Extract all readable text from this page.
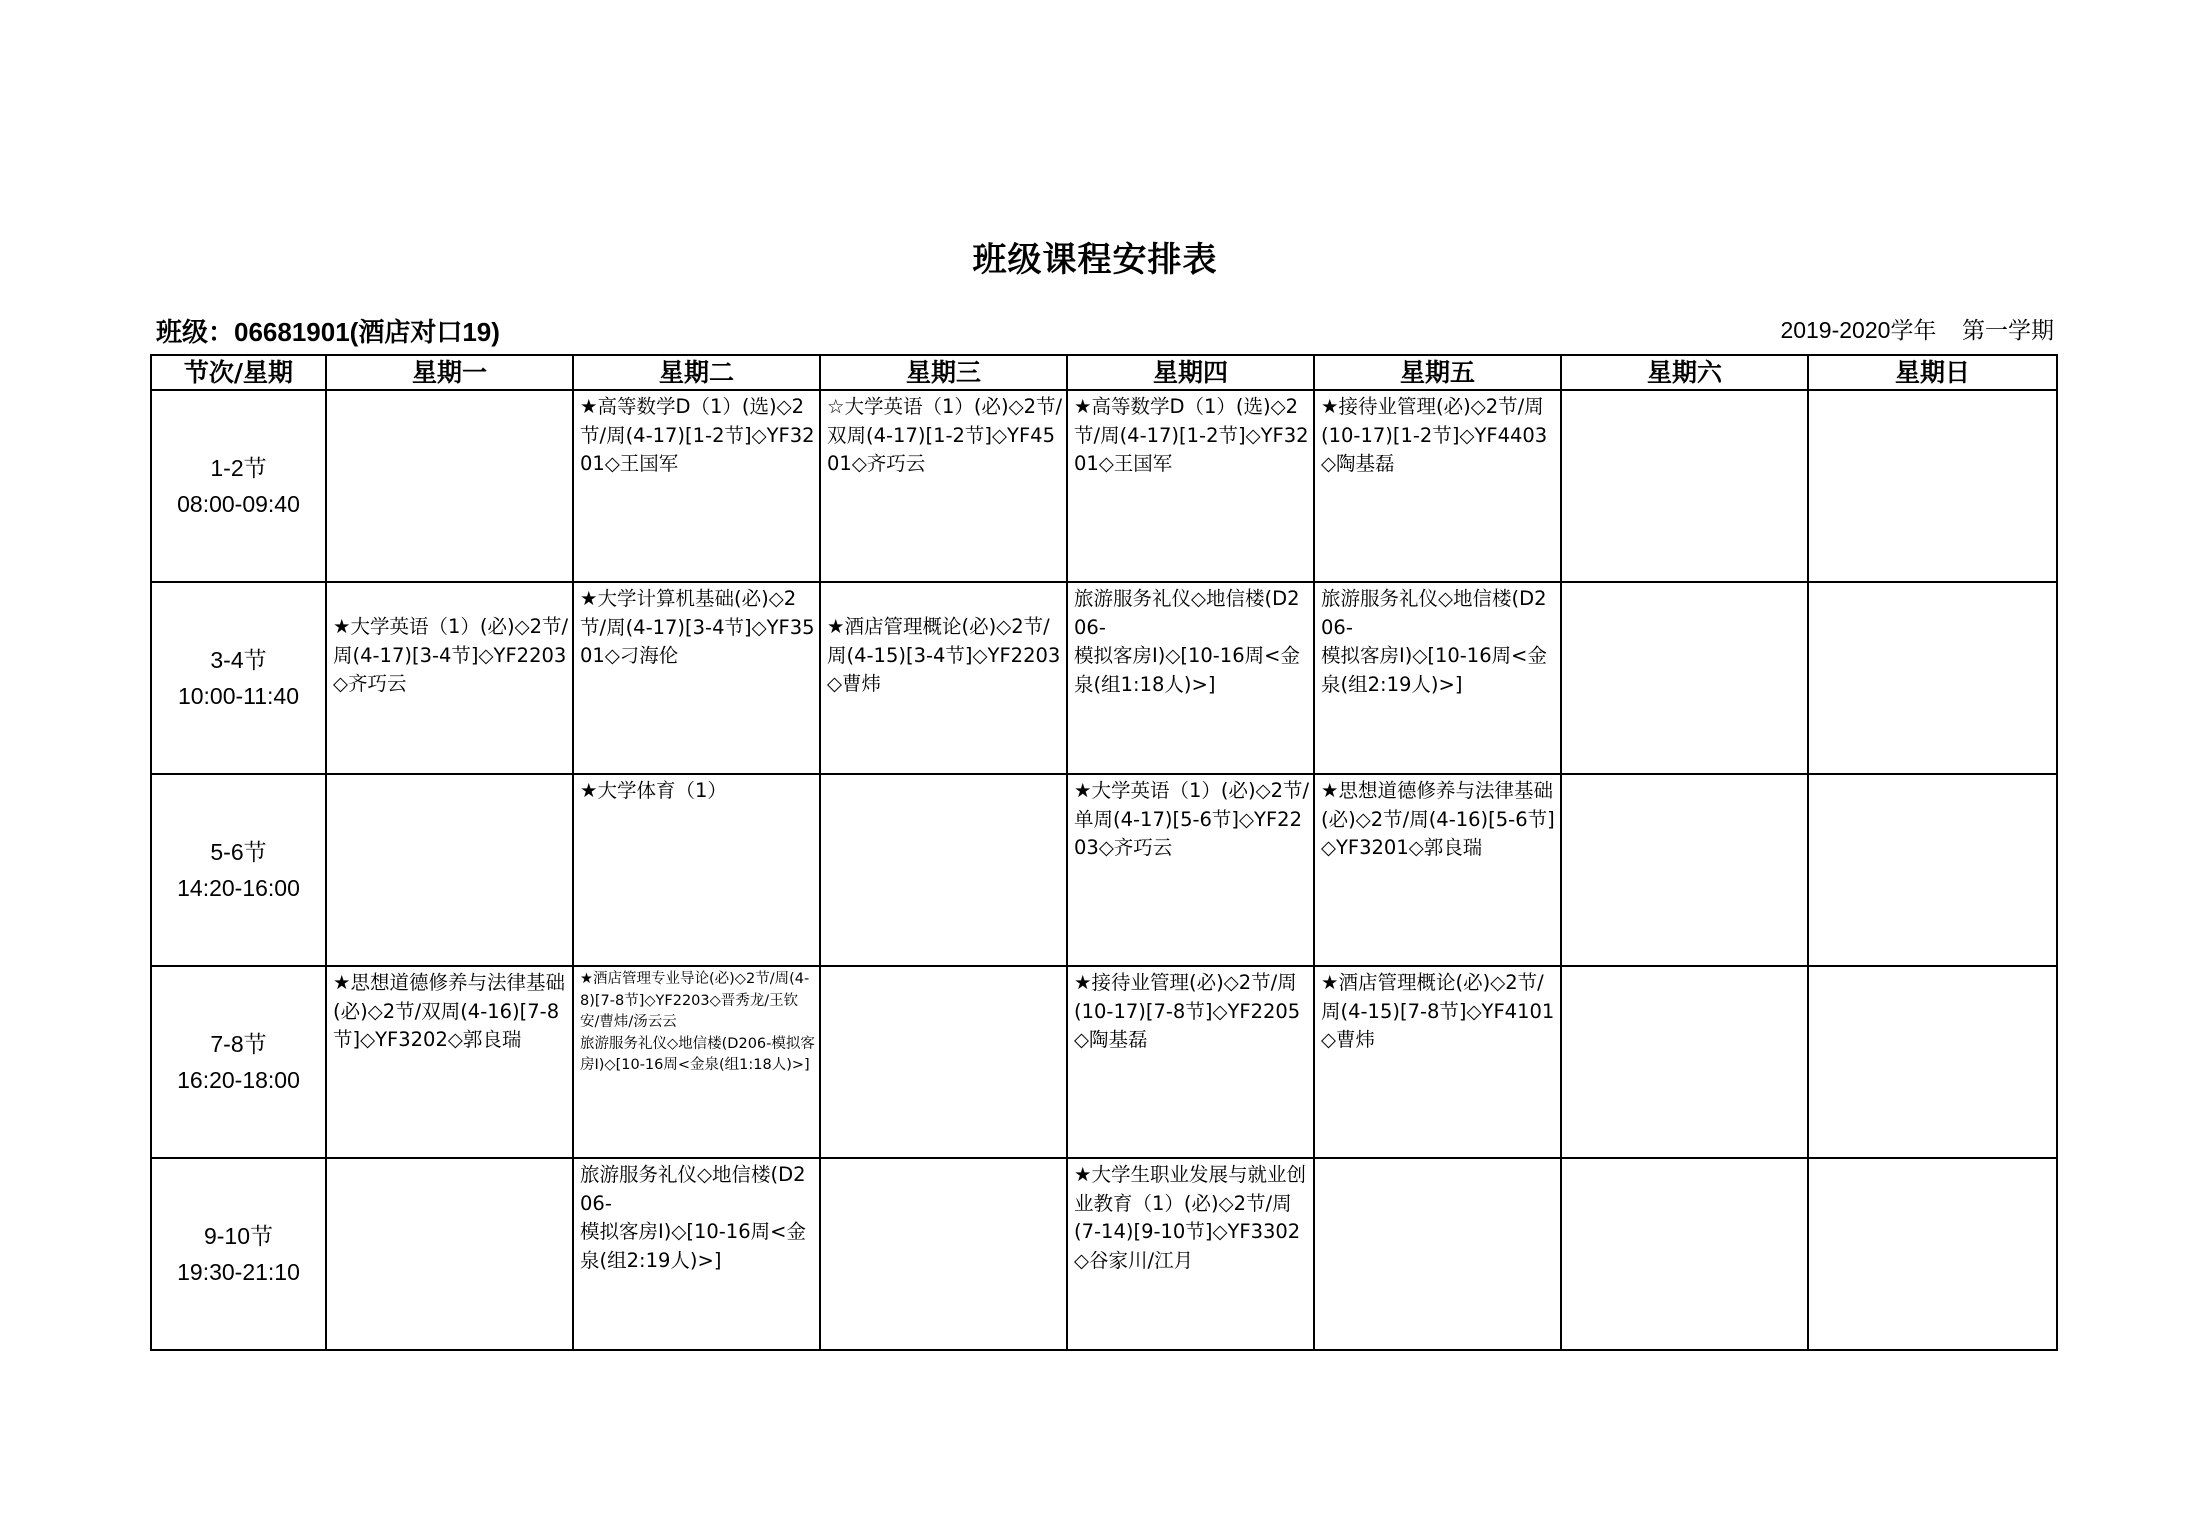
班级课程安排表
班级：06681901(酒店对口19)	2019-2020学年    第一学期
节次/星期	星期一	星期二	星期三	星期四	星期五	星期六	星期日

1-2节
08:00-09:40		★高等数学D（1）(选)◇2节/周(4-17)[1-2节]◇YF3201◇王国军	☆大学英语（1）(必)◇2节/双周(4-17)[1-2节]◇YF4501◇齐巧云	★高等数学D（1）(选)◇2节/周(4-17)[1-2节]◇YF3201◇王国军	★接待业管理(必)◇2节/周(10-17)[1-2节]◇YF4403◇陶基磊		

3-4节
10:00-11:40	★大学英语（1）(必)◇2节/周(4-17)[3-4节]◇YF2203◇齐巧云	★大学计算机基础(必)◇2节/周(4-17)[3-4节]◇YF3501◇刁海伦	★酒店管理概论(必)◇2节/周(4-15)[3-4节]◇YF2203◇曹炜	旅游服务礼仪◇地信楼(D206-
模拟客房Ⅰ)◇[10-16周<金泉(组1:18人)>]	旅游服务礼仪◇地信楼(D206-
模拟客房Ⅰ)◇[10-16周<金泉(组2:19人)>]		

5-6节
14:20-16:00		★大学体育（1）		★大学英语（1）(必)◇2节/单周(4-17)[5-6节]◇YF2203◇齐巧云	★思想道德修养与法律基础(必)◇2节/周(4-16)[5-6节]◇YF3201◇郭良瑞		

7-8节
16:20-18:00	★思想道德修养与法律基础(必)◇2节/双周(4-16)[7-8节]◇YF3202◇郭良瑞	★酒店管理专业导论(必)◇2节/周(4-8)[7-8节]◇YF2203◇晋秀龙/王钦安/曹炜/汤云云
旅游服务礼仪◇地信楼(D206-模拟客房Ⅰ)◇[10-16周<金泉(组1:18人)>]		★接待业管理(必)◇2节/周(10-17)[7-8节]◇YF2205◇陶基磊	★酒店管理概论(必)◇2节/周(4-15)[7-8节]◇YF4101◇曹炜		

9-10节
19:30-21:10		旅游服务礼仪◇地信楼(D206-
模拟客房Ⅰ)◇[10-16周<金泉(组2:19人)>]		★大学生职业发展与就业创业教育（1）(必)◇2节/周(7-14)[9-10节]◇YF3302◇谷家川/江月			
